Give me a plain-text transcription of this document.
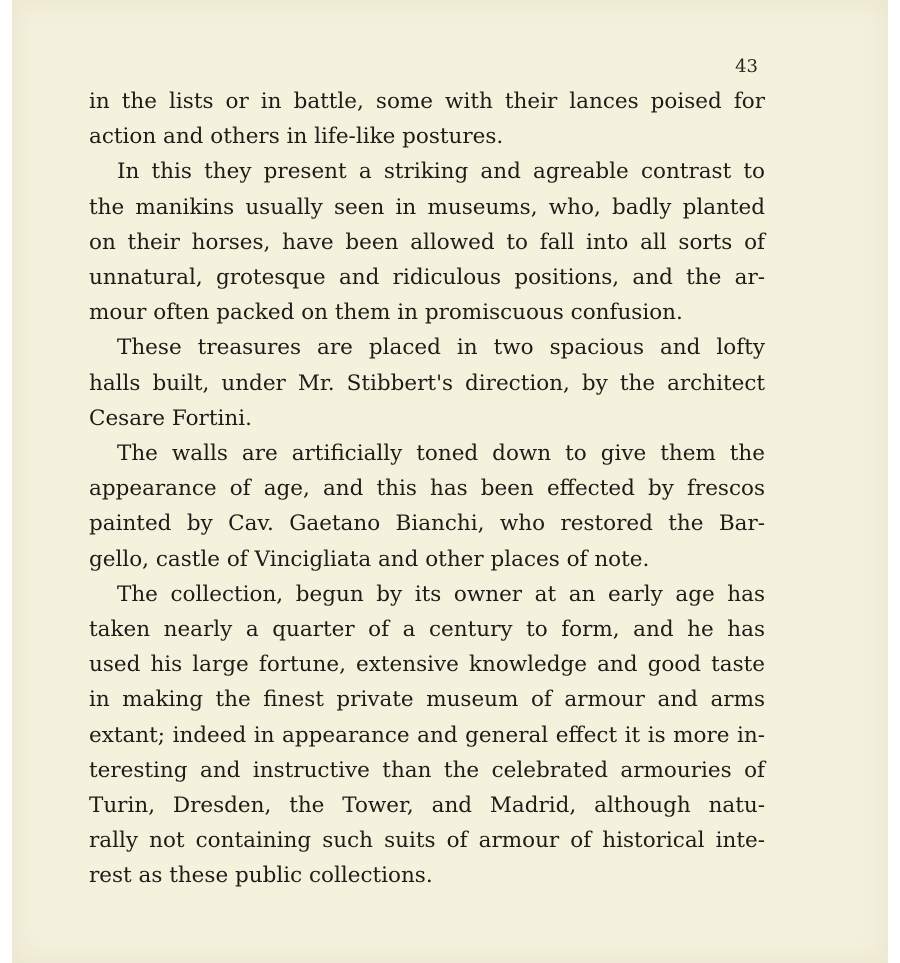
43
in the lists or in battle, some with their lances poised for
action and others in life-like postures.
In this they present a striking and agreable contrast to
the manikins usually seen in museums, who, badly planted
on their horses, have been allowed to fall into all sorts of
unnatural, grotesque and ridiculous positions, and the ar-
mour often packed on them in promiscuous confusion.
These treasures are placed in two spacious and lofty
halls built, under Mr. Stibbert's direction, by the architect
Cesare Fortini.
The walls are artificially toned down to give them the
appearance of age, and this has been effected by frescos
painted by Cav. Gaetano Bianchi, who restored the Bar-
gello, castle of Vincigliata and other places of note.
The collection, begun by its owner at an early age has
taken nearly a quarter of a century to form, and he has
used his large fortune, extensive knowledge and good taste
in making the finest private museum of armour and arms
extant; indeed in appearance and general effect it is more in-
teresting and instructive than the celebrated armouries of
Turin, Dresden, the Tower, and Madrid, although natu-
rally not containing such suits of armour of historical inte-
rest as these public collections.
